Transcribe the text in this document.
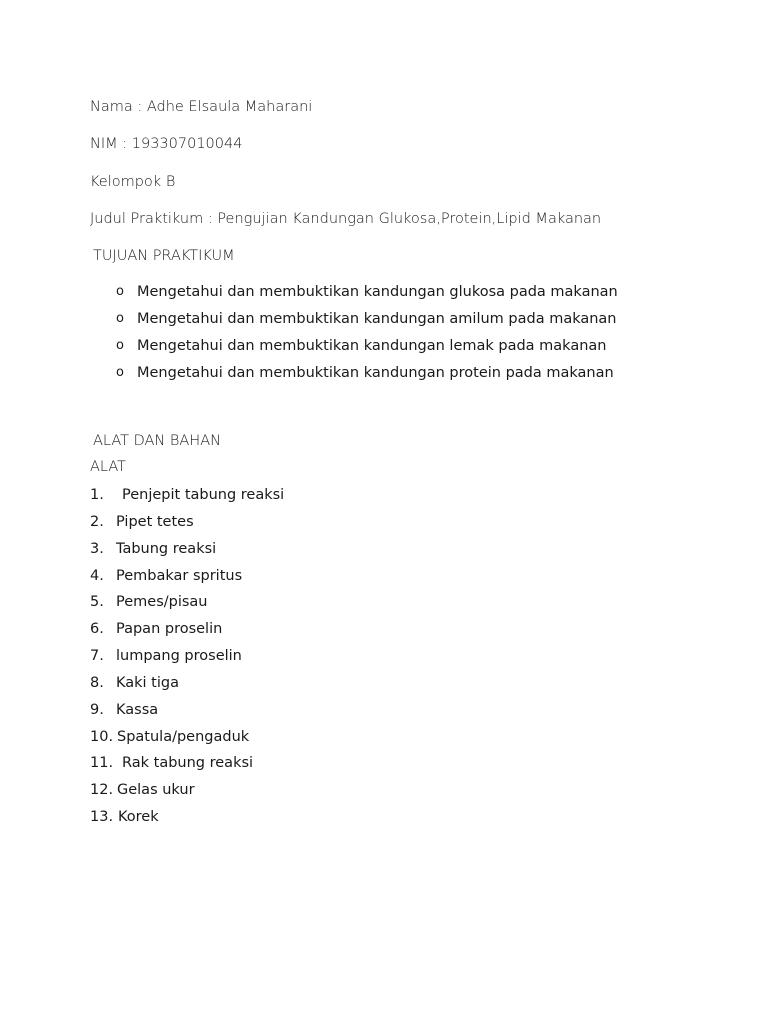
Nama : Adhe Elsaula Maharani
NIM : 193307010044
Kelompok B
Judul Praktikum : Pengujian Kandungan Glukosa,Protein,Lipid Makanan
TUJUAN PRAKTIKUM
o Mengetahui dan membuktikan kandungan glukosa pada makanan
o Mengetahui dan membuktikan kandungan amilum pada makanan
o Mengetahui dan membuktikan kandungan lemak pada makanan
o Mengetahui dan membuktikan kandungan protein pada makanan
ALAT DAN BAHAN
ALAT
1. Penjepit tabung reaksi
2. Pipet tetes
3. Tabung reaksi
4. Pembakar spritus
5. Pemes/pisau
6. Papan proselin
7. lumpang proselin
8. Kaki tiga
9. Kassa
10. Spatula/pengaduk
11. Rak tabung reaksi
12. Gelas ukur
13. Korek
